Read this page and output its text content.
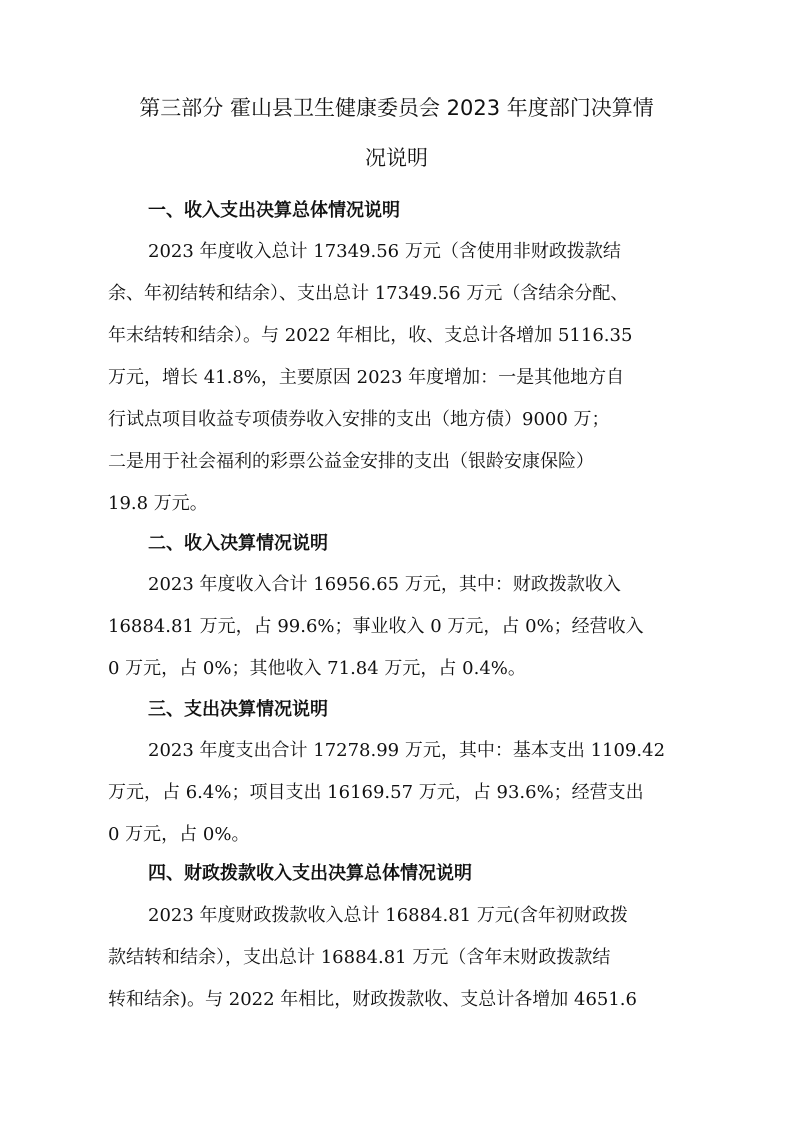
第三部分 霍山县卫生健康委员会 2023 年度部门决算情
况说明
一、收入支出决算总体情况说明
2023 年度收入总计 17349.56 万元（含使用非财政拨款结
余、年初结转和结余）、支出总计 17349.56 万元（含结余分配、
年末结转和结余）。与 2022 年相比，收、支总计各增加 5116.35
万元，增长 41.8%，主要原因 2023 年度增加：一是其他地方自
行试点项目收益专项债券收入安排的支出（地方债）9000 万；
二是用于社会福利的彩票公益金安排的支出（银龄安康保险）
19.8 万元。
二、收入决算情况说明
2023 年度收入合计 16956.65 万元，其中：财政拨款收入
16884.81 万元，占 99.6%；事业收入 0 万元，占 0%；经营收入
0 万元，占 0%；其他收入 71.84 万元，占 0.4%。
三、支出决算情况说明
2023 年度支出合计 17278.99 万元，其中：基本支出 1109.42
万元，占 6.4%；项目支出 16169.57 万元，占 93.6%；经营支出
0 万元，占 0%。
四、财政拨款收入支出决算总体情况说明
2023 年度财政拨款收入总计 16884.81 万元(含年初财政拨
款结转和结余），支出总计 16884.81 万元（含年末财政拨款结
转和结余)。与 2022 年相比，财政拨款收、支总计各增加 4651.6
